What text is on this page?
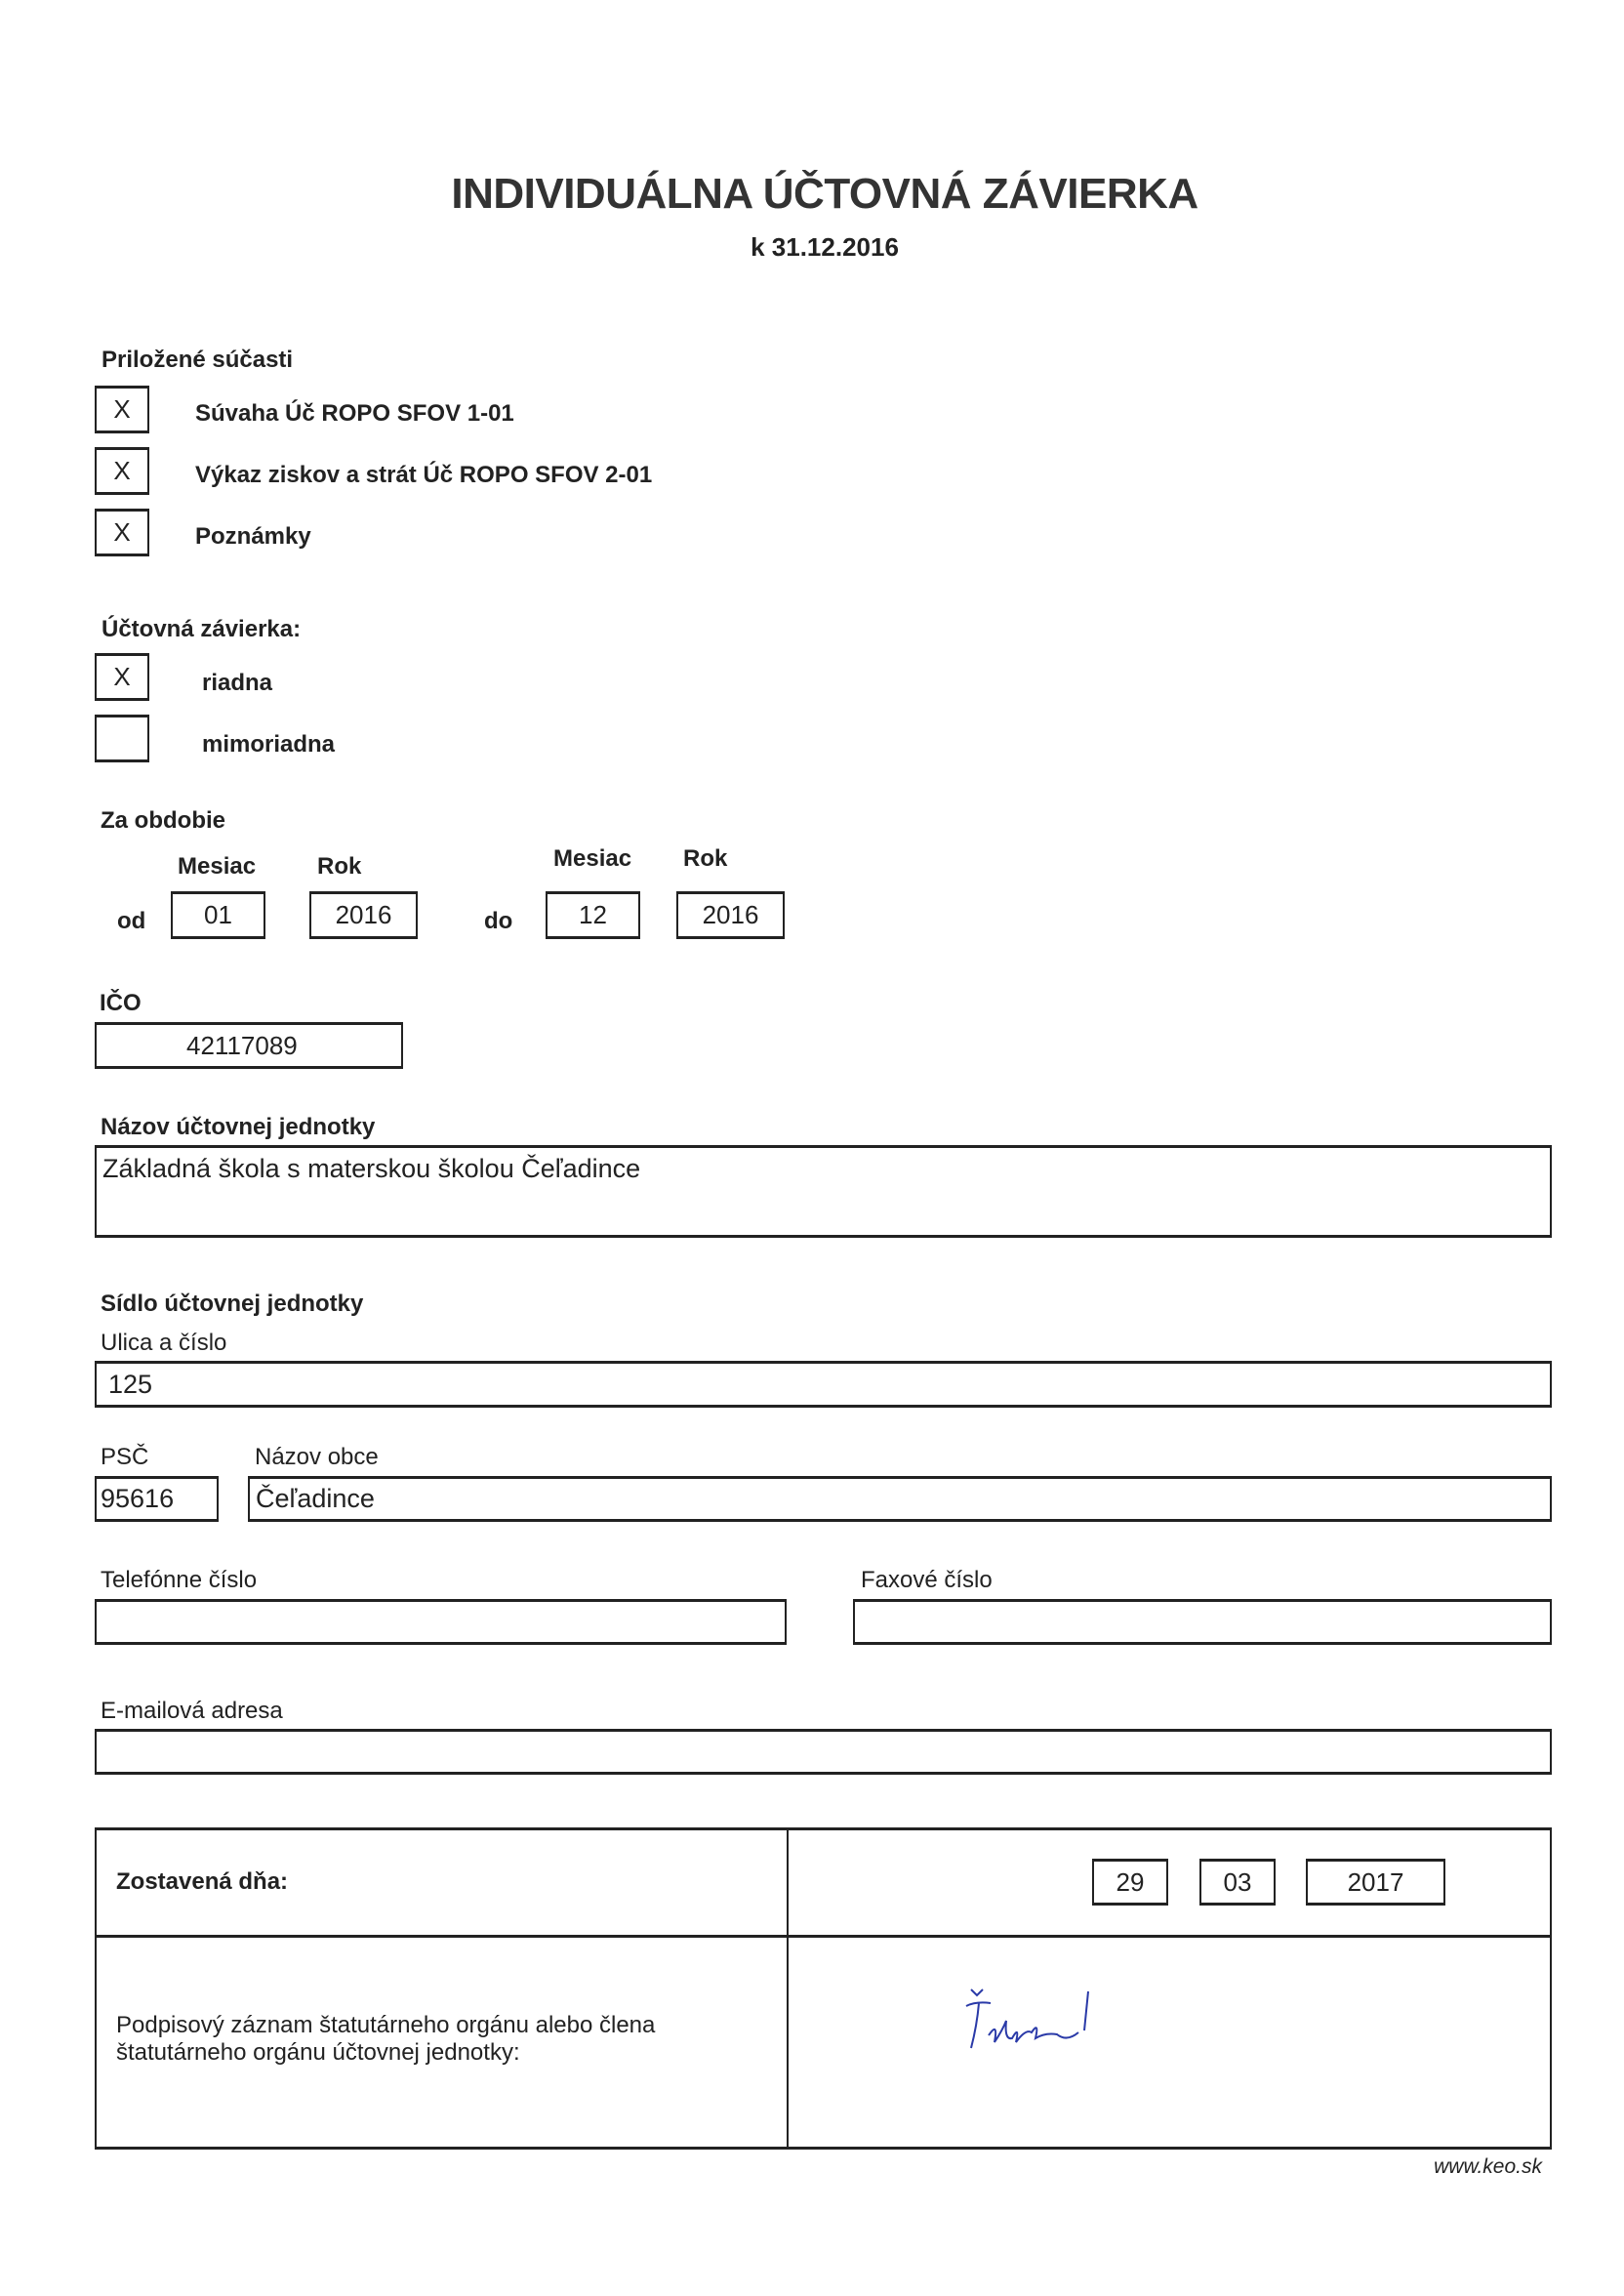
INDIVIDUÁLNA ÚČTOVNÁ ZÁVIERKA
k 31.12.2016
Priložené súčasti
X	Súvaha Úč ROPO SFOV 1-01
X	Výkaz ziskov a strát Úč ROPO SFOV 2-01
X	Poznámky
Účtovná závierka:
X	riadna
mimoriadna
Za obdobie
Mesiac	Rok	Mesiac Rok
od	01	2016	do	12	2016
IČO
42117089
Názov účtovnej jednotky
Základná škola s materskou školou Čeľadince
Sídlo účtovnej jednotky
Ulica a číslo
125
PSČ	Názov obce
95616	Čeľadince
Telefónne číslo	Faxové číslo
E-mailová adresa
Zostavená dňa:	29	03	2017
Podpisový záznam štatutárneho orgánu alebo člena
štatutárneho orgánu účtovnej jednotky:
www.keo.sk
